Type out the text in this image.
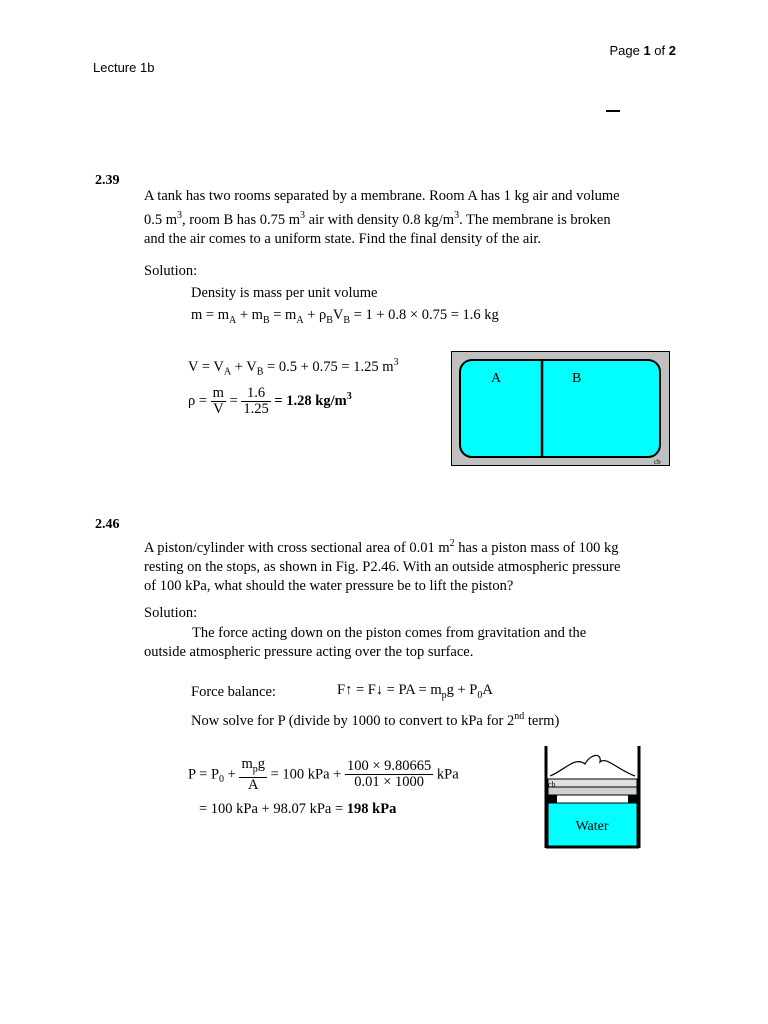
Page 1 of 2
Lecture 1b
2.39
A tank has two rooms separated by a membrane. Room A has 1 kg air and volume
0.5 $m^3$, room B has 0.75 $m^3$ air with density 0.8 $kg/m^3$. The membrane is broken
and the air comes to a uniform state. Find the final density of the air.
Solution:
Density is mass per unit volume
$m = m_A + m_B = m_A + \rho_BV_B = 1 + 0.8 \times 0.75 = 1.6$ kg
$V = V_A + V_B = 0.5 + 0.75 = 1.25$ $m^3$
$\rho = \frac{m}{V} = \frac{1.6}{1.25} = 1.28$ $kg/m^3$
A	B
cb
2.46
A piston/cylinder with cross sectional area of 0.01 $m^2$ has a piston mass of 100 kg
resting on the stops, as shown in Fig. P2.46. With an outside atmospheric pressure
of 100 kPa, what should the water pressure be to lift the piston?
Solution:
The force acting down on the piston comes from gravitation and the
outside atmospheric pressure acting over the top surface.
Force balance:	F↑ = F↓ = PA = $m_pg + P_0A$
Now solve for P (divide by 1000 to convert to kPa for 2nd term)
$P = P_0 + \frac{m_pg}{A} = 100$ kPa + $\frac{100 \times 9.80665}{0.01 \times 1000}$ kPa
= 100 kPa + 98.07 kPa = 198 kPa
Water
cb
